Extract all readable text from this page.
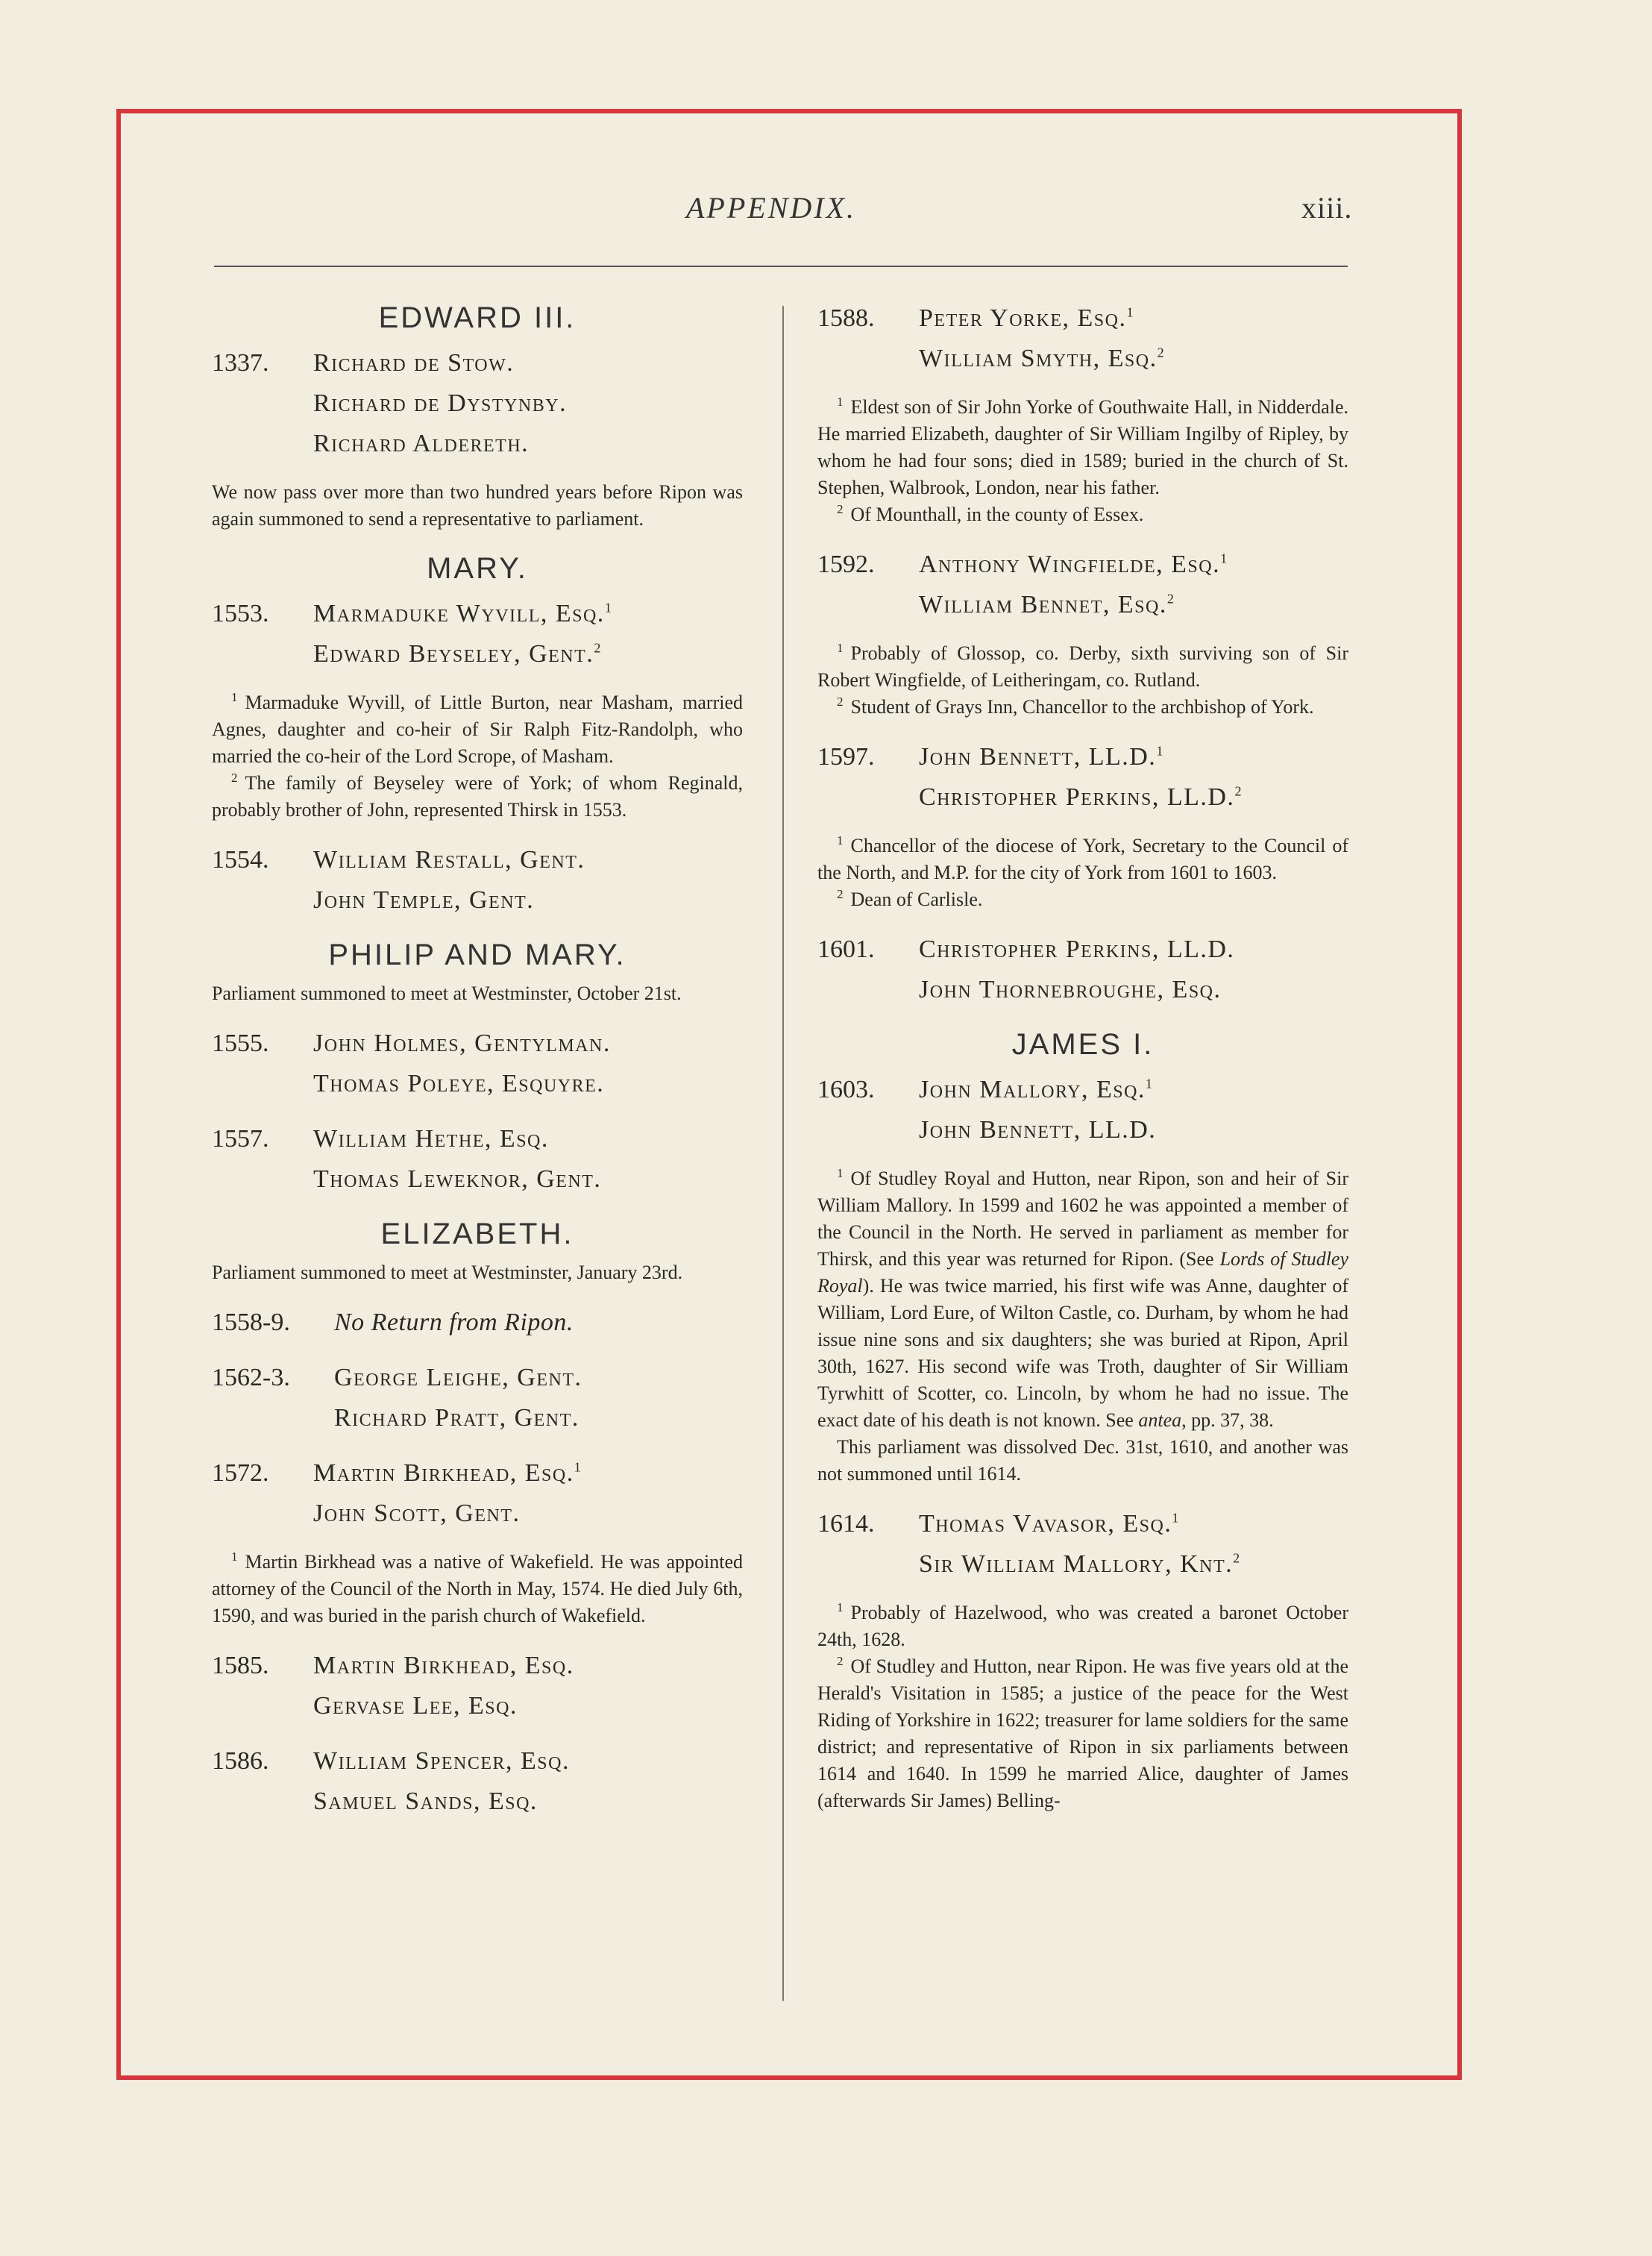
APPENDIX.	xiii.
EDWARD III.
1337.	Richard de Stow.
Richard de Dystynby.
Richard Aldereth.

We now pass over more than two hundred years before Ripon was again summoned to send a representative to parliament.

MARY.
1553.	Marmaduke Wyvill, Esq.$^1$
Edward Beyseley, Gent.$^2$

$^1$ Marmaduke Wyvill, of Little Burton, near Masham, married Agnes, daughter and co-heir of Sir Ralph Fitz-Randolph, who married the co-heir of the Lord Scrope, of Masham.

$^2$ The family of Beyseley were of York; of whom Reginald, probably brother of John, represented Thirsk in 1553.

1554.	William Restall, Gent.
John Temple, Gent.
PHILIP AND MARY.

Parliament summoned to meet at Westminster, October 21st.

1555.	John Holmes, Gentylman.
Thomas Poleye, Esquyre.
1557.	William Hethe, Esq.
Thomas Leweknor, Gent.
ELIZABETH.

Parliament summoned to meet at Westminster, January 23rd.

1558-9.	No Return from Ripon.
1562-3.	George Leighe, Gent.
Richard Pratt, Gent.
1572.	Martin Birkhead, Esq.$^1$
John Scott, Gent.

$^1$ Martin Birkhead was a native of Wakefield. He was appointed attorney of the Council of the North in May, 1574. He died July 6th, 1590, and was buried in the parish church of Wakefield.

1585.	Martin Birkhead, Esq.
Gervase Lee, Esq.
1586.	William Spencer, Esq.
Samuel Sands, Esq.
1588.	Peter Yorke, Esq.$^1$
William Smyth, Esq.$^2$

$^1$ Eldest son of Sir John Yorke of Gouthwaite Hall, in Nidderdale. He married Elizabeth, daughter of Sir William Ingilby of Ripley, by whom he had four sons; died in 1589; buried in the church of St. Stephen, Walbrook, London, near his father.

$^2$ Of Mounthall, in the county of Essex.

1592.	Anthony Wingfielde, Esq.$^1$
William Bennet, Esq.$^2$

$^1$ Probably of Glossop, co. Derby, sixth surviving son of Sir Robert Wingfielde, of Leitheringam, co. Rutland.

$^2$ Student of Grays Inn, Chancellor to the archbishop of York.

1597.	John Bennett, LL.D.$^1$
Christopher Perkins, LL.D.$^2$

$^1$ Chancellor of the diocese of York, Secretary to the Council of the North, and M.P. for the city of York from 1601 to 1603.

$^2$ Dean of Carlisle.

1601.	Christopher Perkins, LL.D.
John Thornebroughe, Esq.
JAMES I.
1603.	John Mallory, Esq.$^1$
John Bennett, LL.D.

$^1$ Of Studley Royal and Hutton, near Ripon, son and heir of Sir William Mallory. In 1599 and 1602 he was appointed a member of the Council in the North. He served in parliament as member for Thirsk, and this year was returned for Ripon. (See Lords of Studley Royal). He was twice married, his first wife was Anne, daughter of William, Lord Eure, of Wilton Castle, co. Durham, by whom he had issue nine sons and six daughters; she was buried at Ripon, April 30th, 1627. His second wife was Troth, daughter of Sir William Tyrwhitt of Scotter, co. Lincoln, by whom he had no issue. The exact date of his death is not known. See antea, pp. 37, 38.

This parliament was dissolved Dec. 31st, 1610, and another was not summoned until 1614.

1614.	Thomas Vavasor, Esq.$^1$
Sir William Mallory, Knt.$^2$

$^1$ Probably of Hazelwood, who was created a baronet October 24th, 1628.

$^2$ Of Studley and Hutton, near Ripon. He was five years old at the Herald's Visitation in 1585; a justice of the peace for the West Riding of Yorkshire in 1622; treasurer for lame soldiers for the same district; and representative of Ripon in six parliaments between 1614 and 1640. In 1599 he married Alice, daughter of James (afterwards Sir James) Belling-
